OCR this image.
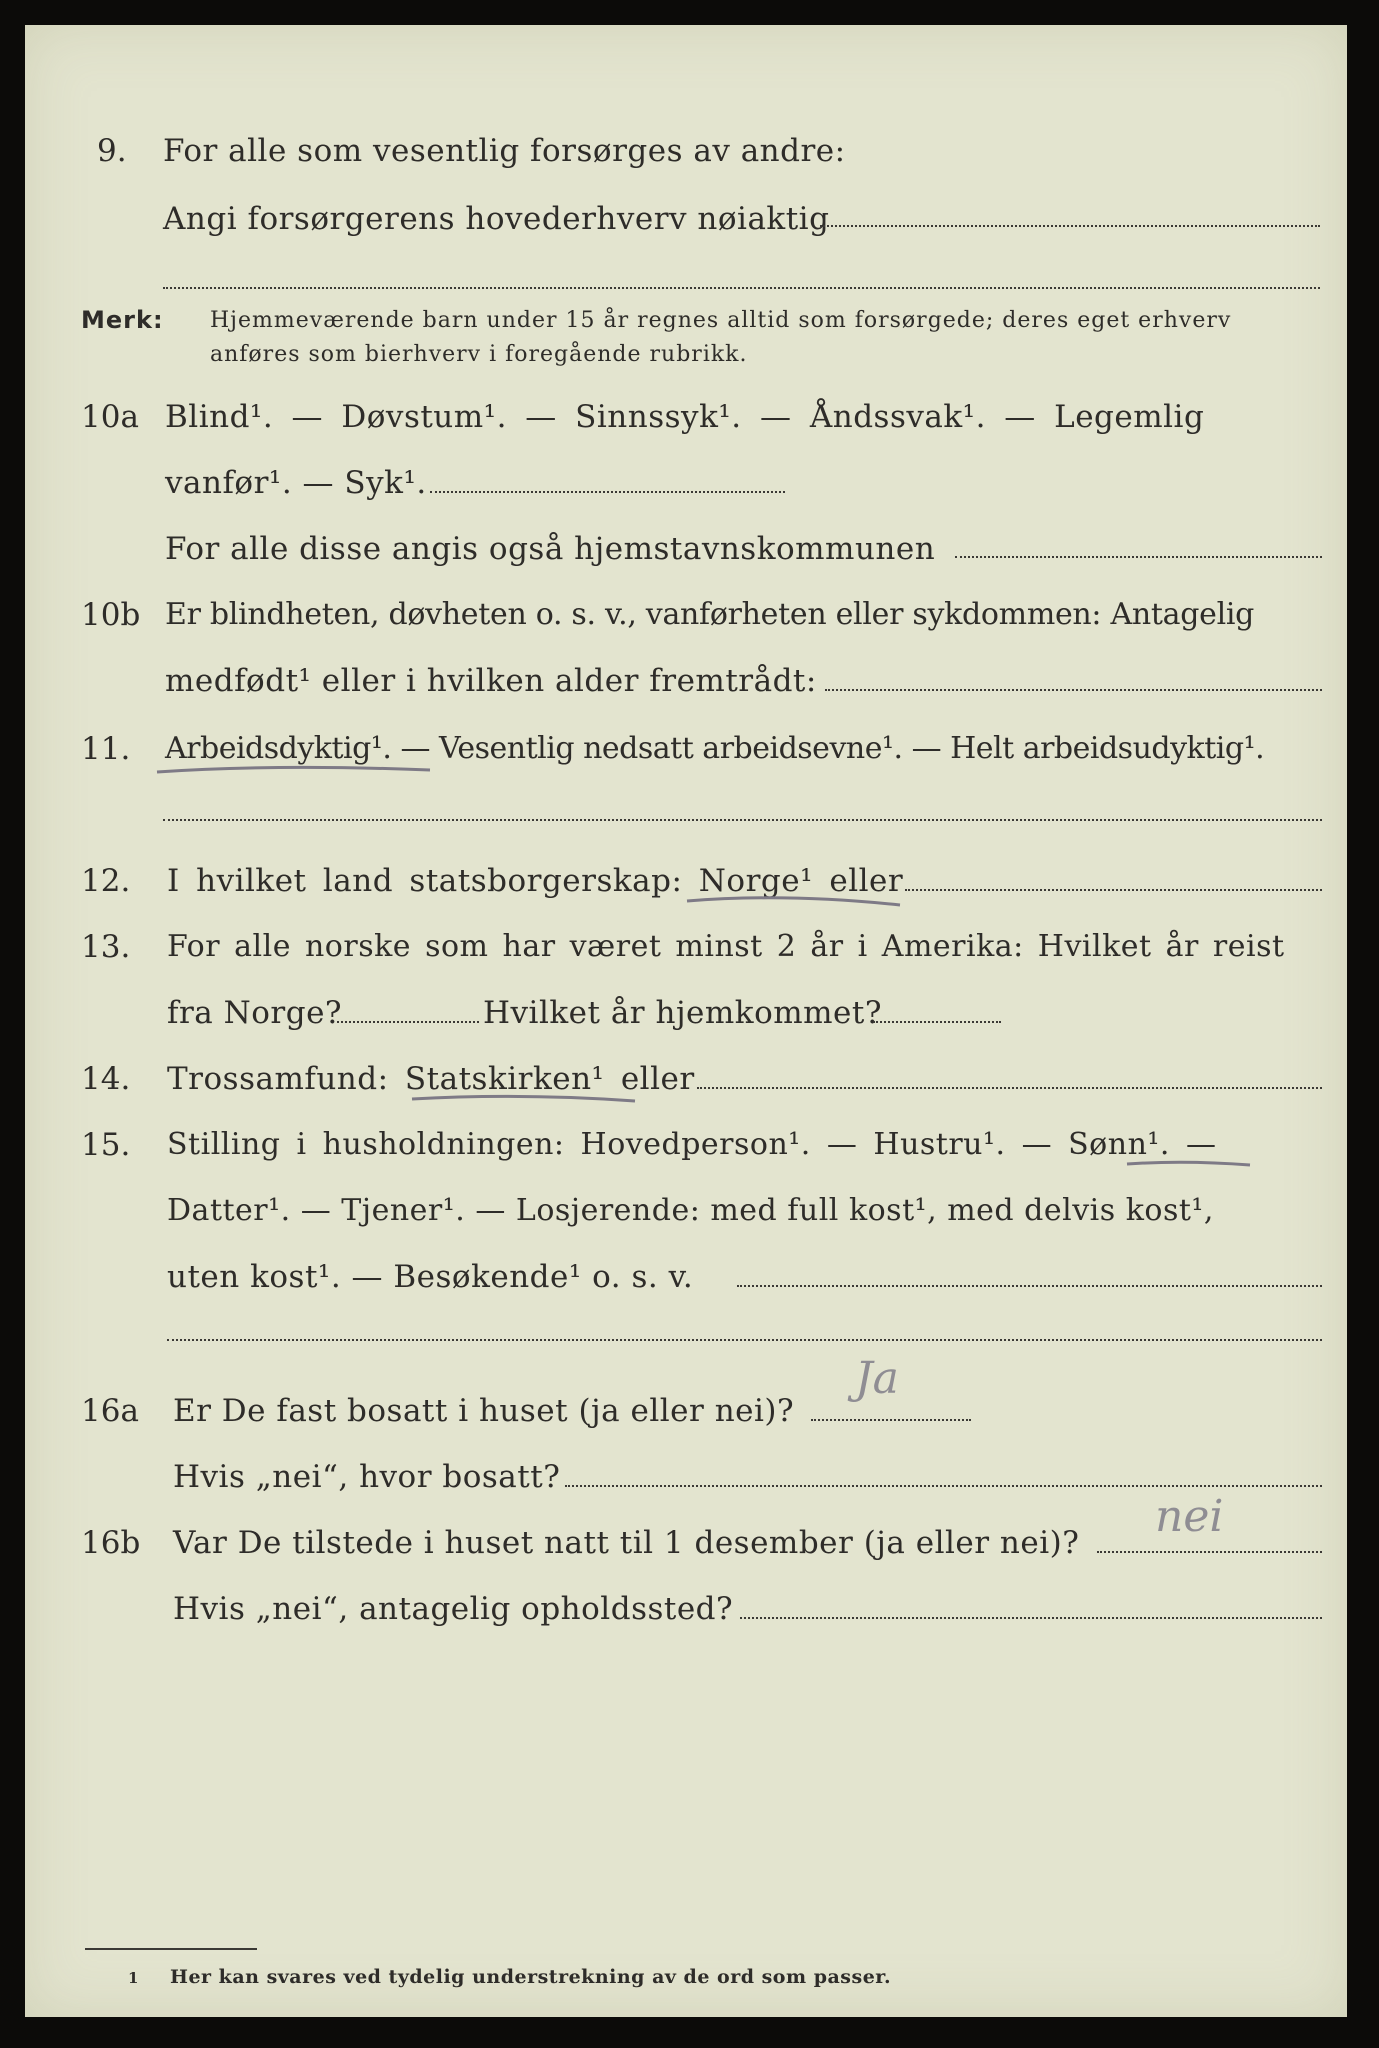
9. For alle som vesentlig forsørges av andre:
Angi forsørgerens hovederhverv nøiaktig
Merk: Hjemmeværende barn under 15 år regnes alltid som forsørgede; deres eget erhverv
anføres som bierhverv i foregående rubrikk.
10a Blind¹. — Døvstum¹. — Sinnssyk¹. — Åndssvak¹. — Legemlig
vanfør¹. — Syk¹.
For alle disse angis også hjemstavnskommunen
10b Er blindheten, døvheten o. s. v., vanførheten eller sykdommen: Antagelig
medfødt¹ eller i hvilken alder fremtrådt:
11. Arbeidsdyktig¹. — Vesentlig nedsatt arbeidsevne¹. — Helt arbeidsudyktig¹.
12. I hvilket land statsborgerskap: Norge¹ eller
13. For alle norske som har været minst 2 år i Amerika: Hvilket år reist
fra Norge?	Hvilket år hjemkommet?
14. Trossamfund: Statskirken¹ eller
15. Stilling i husholdningen: Hovedperson¹. — Hustru¹. — Sønn¹. —
Datter¹. — Tjener¹. — Losjerende: med full kost¹, med delvis kost¹,
uten kost¹. — Besøkende¹ o. s. v.
16a Er De fast bosatt i huset (ja eller nei)?
Ja
Hvis „nei“, hvor bosatt?
16b Var De tilstede i huset natt til 1 desember (ja eller nei)?
nei
Hvis „nei“, antagelig opholdssted?
1 Her kan svares ved tydelig understrekning av de ord som passer.
